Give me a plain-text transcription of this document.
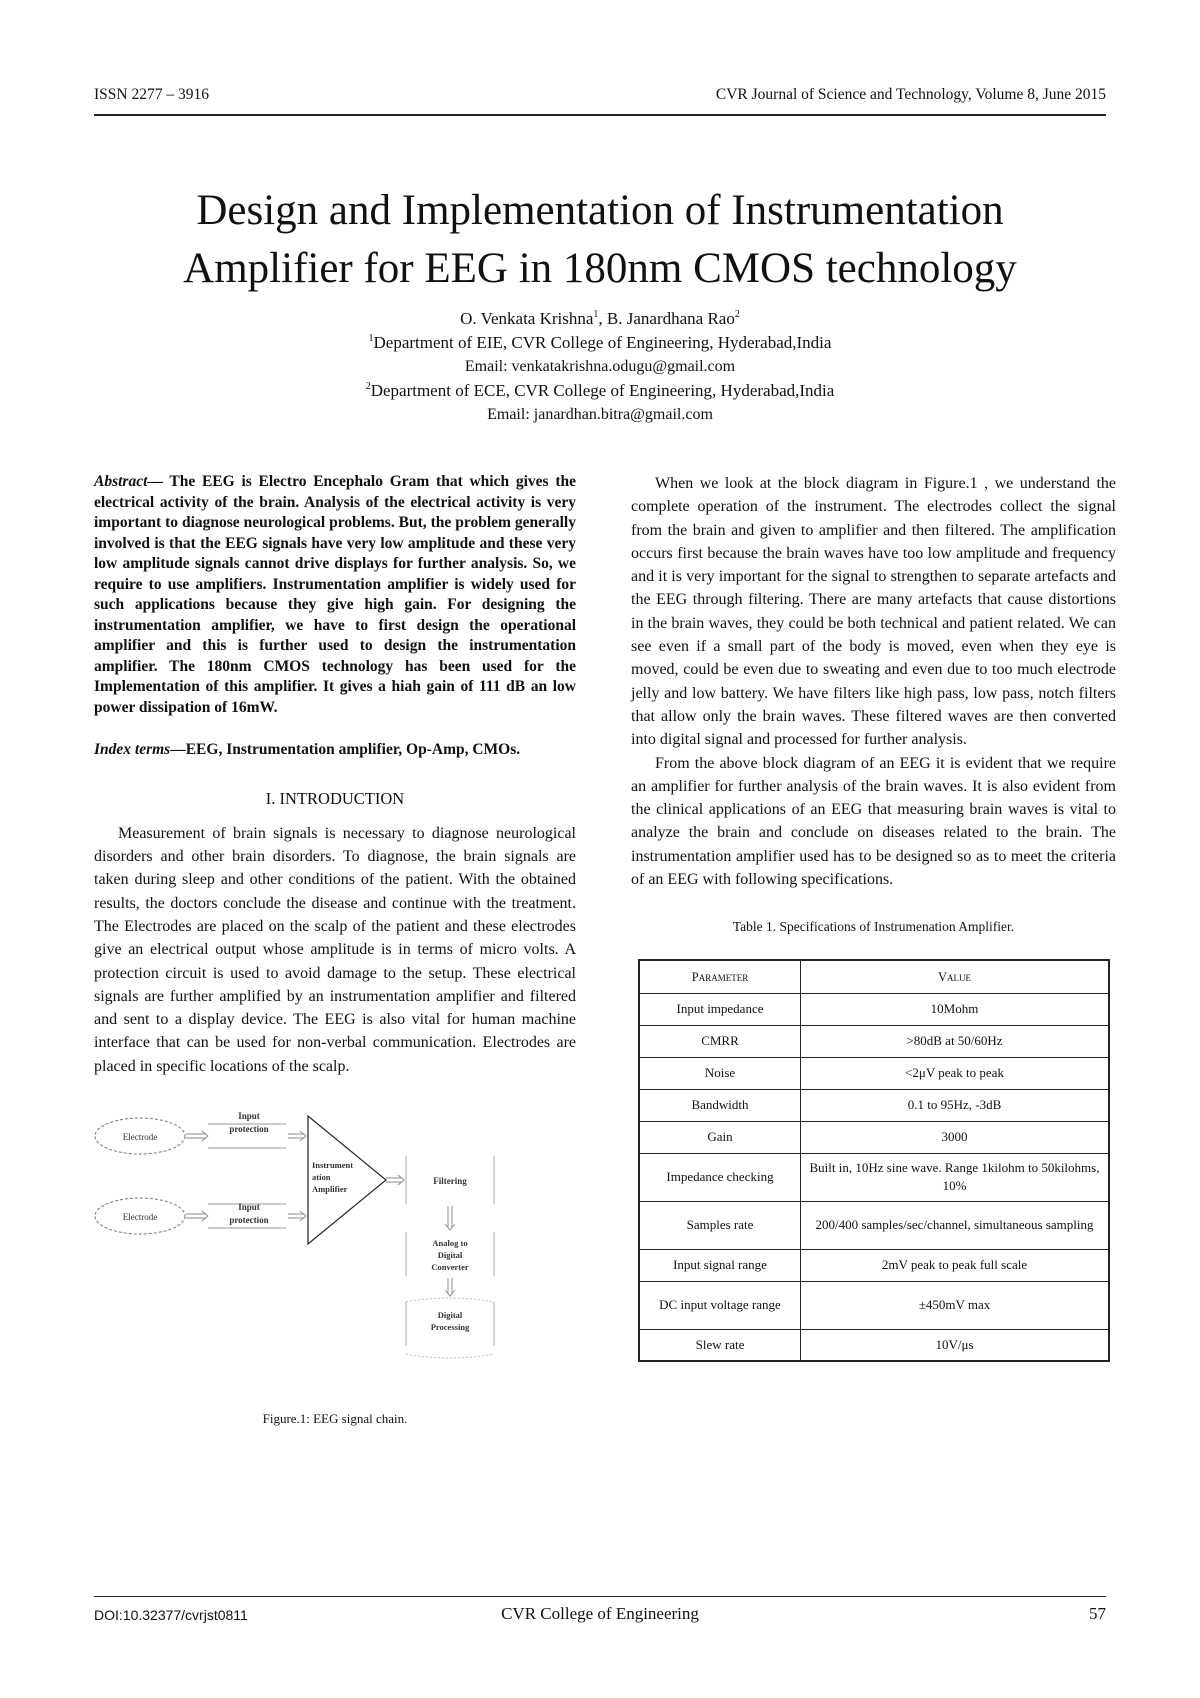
ISSN 2277 – 3916	CVR Journal of Science and Technology, Volume 8, June 2015
Design and Implementation of Instrumentation
Amplifier for EEG in 180nm CMOS technology
O. Venkata Krishna$^1$, B. Janardhana Rao$^2$
$^1$Department of EIE, CVR College of Engineering, Hyderabad,India
Email: venkatakrishna.odugu@gmail.com
$^2$Department of ECE, CVR College of Engineering, Hyderabad,India
Email: janardhan.bitra@gmail.com

Abstract— The EEG is Electro Encephalo Gram that which gives the electrical activity of the brain. Analysis of the electrical activity is very important to diagnose neurological problems. But, the problem generally involved is that the EEG signals have very low amplitude and these very low amplitude signals cannot drive displays for further analysis. So, we require to use amplifiers. Instrumentation amplifier is widely used for such applications because they give high gain. For designing the instrumentation amplifier, we have to first design the operational amplifier and this is further used to design the instrumentation amplifier. The 180nm CMOS technology has been used for the Implementation of this amplifier. It gives a hiah gain of 111 dB an low power dissipation of 16mW.

Index terms—EEG, Instrumentation amplifier, Op-Amp, CMOs.

I. INTRODUCTION

Measurement of brain signals is necessary to diagnose neurological disorders and other brain disorders. To diagnose, the brain signals are taken during sleep and other conditions of the patient. With the obtained results, the doctors conclude the disease and continue with the treatment. The Electrodes are placed on the scalp of the patient and these electrodes give an electrical output whose amplitude is in terms of micro volts. A protection circuit is used to avoid damage to the setup. These electrical signals are further amplified by an instrumentation amplifier and filtered and sent to a display device. The EEG is also vital for human machine interface that can be used for non-verbal communication. Electrodes are placed in specific locations of the scalp.

Electrode
Electrode
Input
protection
Input
protection
Instrument
ation
Amplifier
Filtering
Analog to
Digital
Converter
Digital
Processing
Figure.1: EEG signal chain.

When we look at the block diagram in Figure.1 , we understand the complete operation of the instrument. The electrodes collect the signal from the brain and given to amplifier and then filtered. The amplification occurs first because the brain waves have too low amplitude and frequency and it is very important for the signal to strengthen to separate artefacts and the EEG through filtering. There are many artefacts that cause distortions in the brain waves, they could be both technical and patient related. We can see even if a small part of the body is moved, even when they eye is moved, could be even due to sweating and even due to too much electrode jelly and low battery. We have filters like high pass, low pass, notch filters that allow only the brain waves. These filtered waves are then converted into digital signal and processed for further analysis.

From the above block diagram of an EEG it is evident that we require an amplifier for further analysis of the brain waves. It is also evident from the clinical applications of an EEG that measuring brain waves is vital to analyze the brain and conclude on diseases related to the brain. The instrumentation amplifier used has to be designed so as to meet the criteria of an EEG with following specifications.

Table 1. Specifications of Instrumenation Amplifier.
Parameter	Value
Input impedance	10Mohm
CMRR	>80dB at 50/60Hz
Noise	<2μV peak to peak
Bandwidth	0.1 to 95Hz, -3dB
Gain	3000
Impedance checking	Built in, 10Hz sine wave. Range 1kilohm to 50kilohms, 10%
Samples rate	200/400 samples/sec/channel, simultaneous sampling
Input signal range	2mV peak to peak full scale
DC input voltage range	±450mV max
Slew rate	10V/μs
DOI:10.32377/cvrjst0811	CVR College of Engineering	57
